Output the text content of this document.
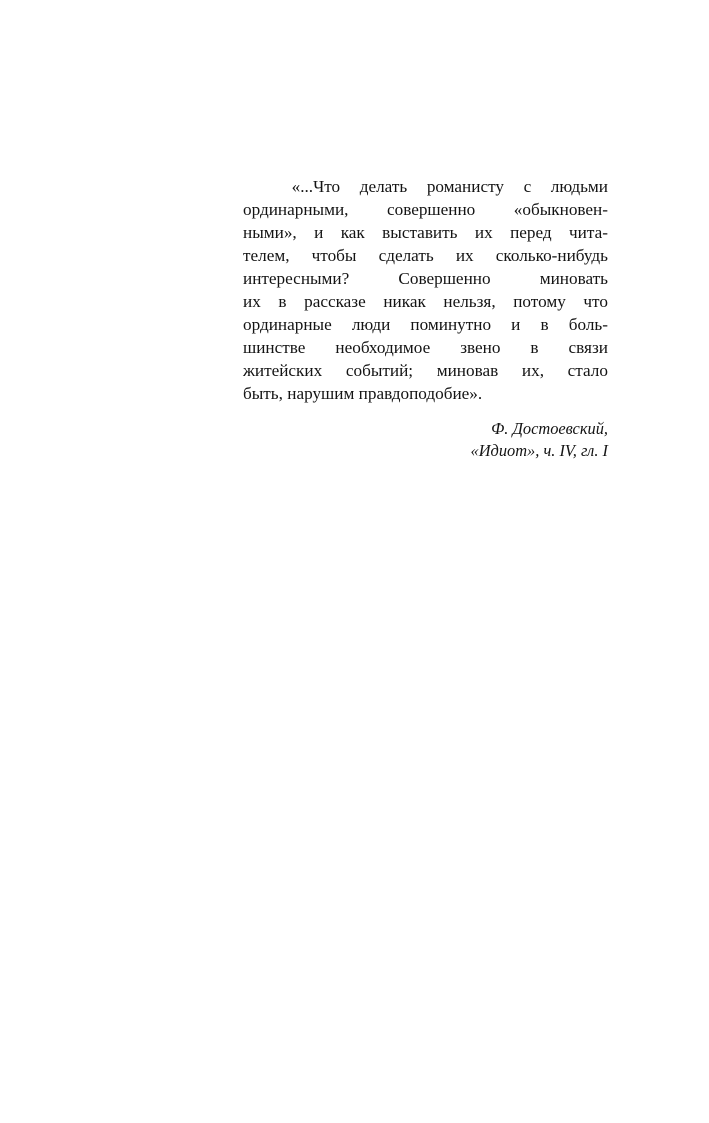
«...Что делать романисту с людьми
ординарными, совершенно «обыкновен-
ными», и как выставить их перед чита-
телем, чтобы сделать их сколько-нибудь
интересными?	Совершенно	миновать
их в рассказе никак нельзя, потому что
ординарные люди поминутно и в боль-
шинстве необходимое звено в связи
житейских событий; миновав их, стало
быть,
нарушим
правдоподобие».
Ф. Достоевский,
«Идиот», ч. IV, гл. I
